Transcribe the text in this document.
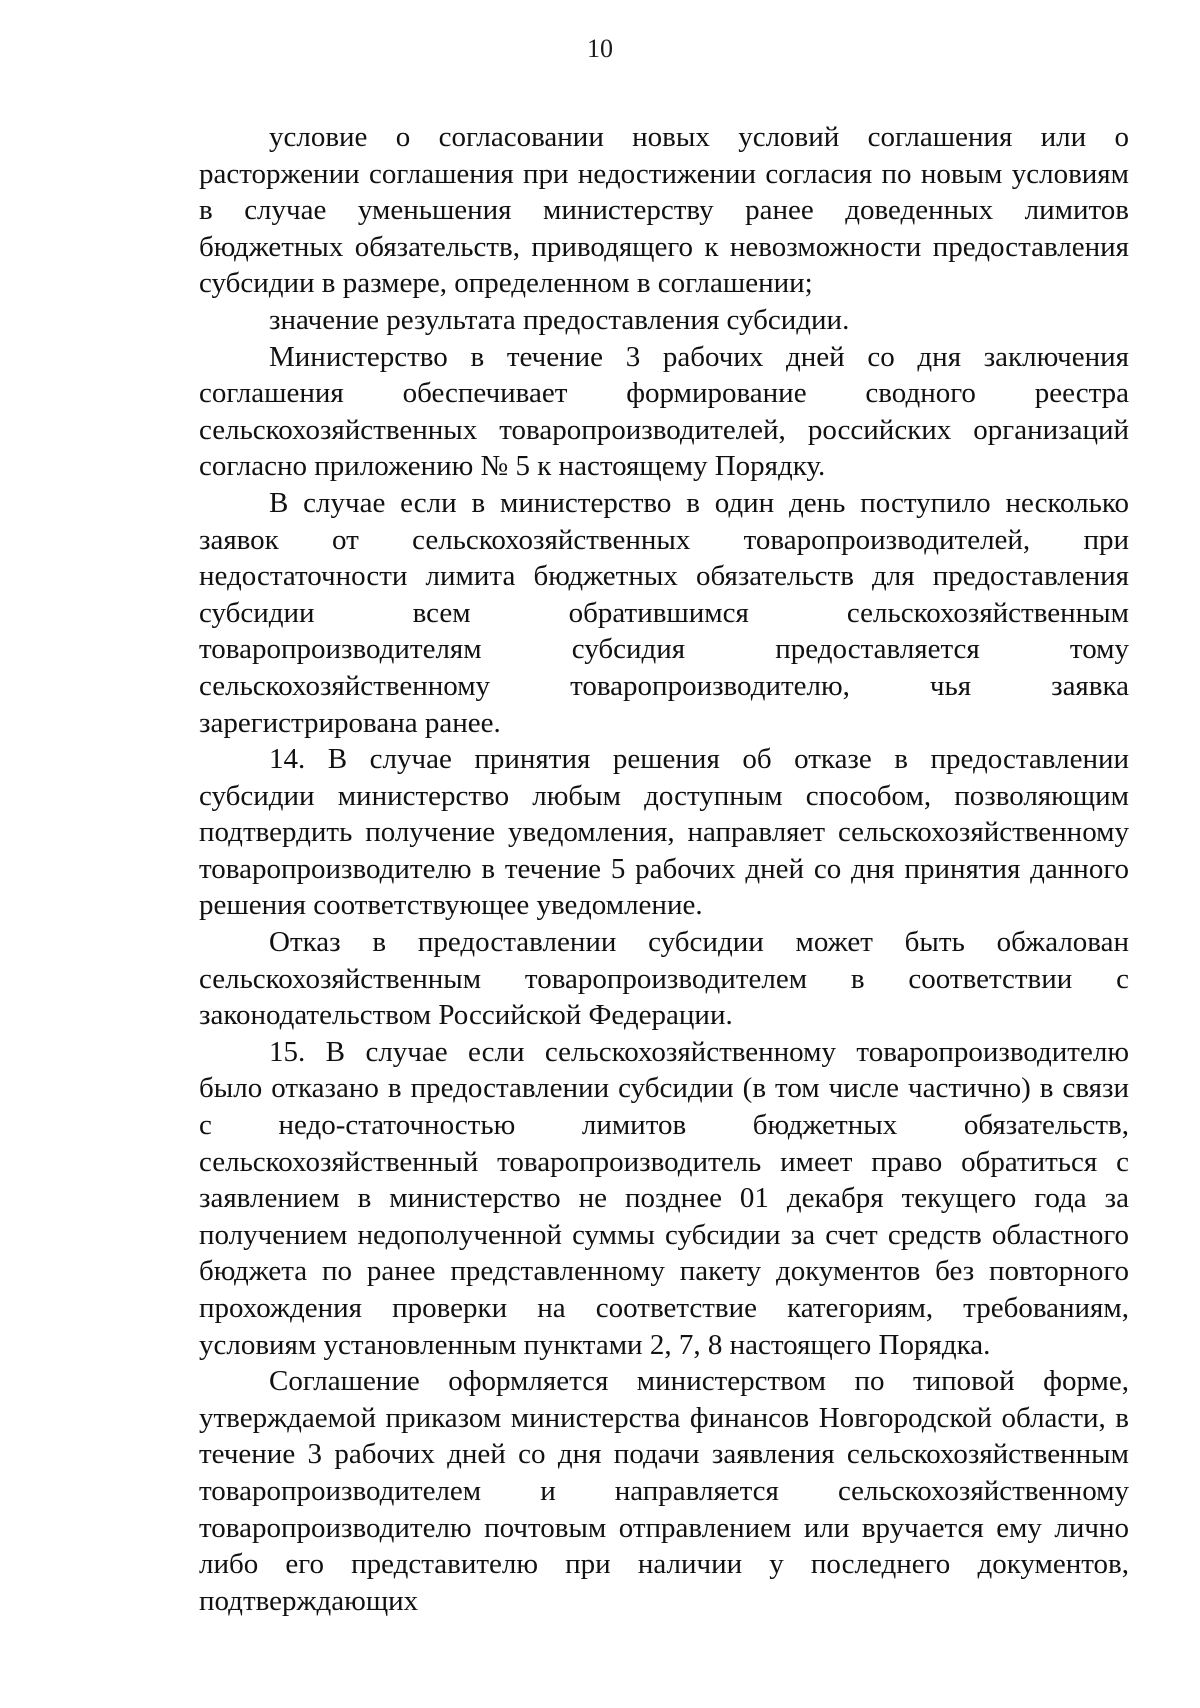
10

условие о согласовании новых условий соглашения или о расторжении соглашения при недостижении согласия по новым условиям в случае уменьшения министерству ранее доведенных лимитов бюджетных обязательств, приводящего к невозможности предоставления субсидии в размере, определенном в соглашении;

значение результата предоставления субсидии.

Министерство в течение 3 рабочих дней со дня заключения соглашения обеспечивает формирование сводного реестра сельскохозяйственных товаропроизводителей, российских организаций согласно приложению № 5 к настоящему Порядку.

В случае если в министерство в один день поступило несколько заявок от сельскохозяйственных товаропроизводителей, при недостаточности лимита бюджетных обязательств для предоставления субсидии всем обратившимся сельскохозяйственным товаропроизводителям субсидия предоставляется тому сельскохозяйственному товаропроизводителю, чья заявка зарегистрирована ранее.

14. В случае принятия решения об отказе в предоставлении субсидии министерство любым доступным способом, позволяющим подтвердить получение уведомления, направляет сельскохозяйственному товаропроизводителю в течение 5 рабочих дней со дня принятия данного решения соответствующее уведомление.

Отказ в предоставлении субсидии может быть обжалован сельскохозяйственным товаропроизводителем в соответствии с законодательством Российской Федерации.

15. В случае если сельскохозяйственному товаропроизводителю было отказано в предоставлении субсидии (в том числе частично) в связи с недо-статочностью лимитов бюджетных обязательств, сельскохозяйственный товаропроизводитель имеет право обратиться с заявлением в министерство не позднее 01 декабря текущего года за получением недополученной суммы субсидии за счет средств областного бюджета по ранее представленному пакету документов без повторного прохождения проверки на соответствие категориям, требованиям, условиям установленным пунктами 2, 7, 8 настоящего Порядка.

Соглашение оформляется министерством по типовой форме, утверждаемой приказом министерства финансов Новгородской области, в течение 3 рабочих дней со дня подачи заявления сельскохозяйственным товаропроизводителем и направляется сельскохозяйственному товаропроизводителю почтовым отправлением или вручается ему лично либо его представителю при наличии у последнего документов, подтверждающих
